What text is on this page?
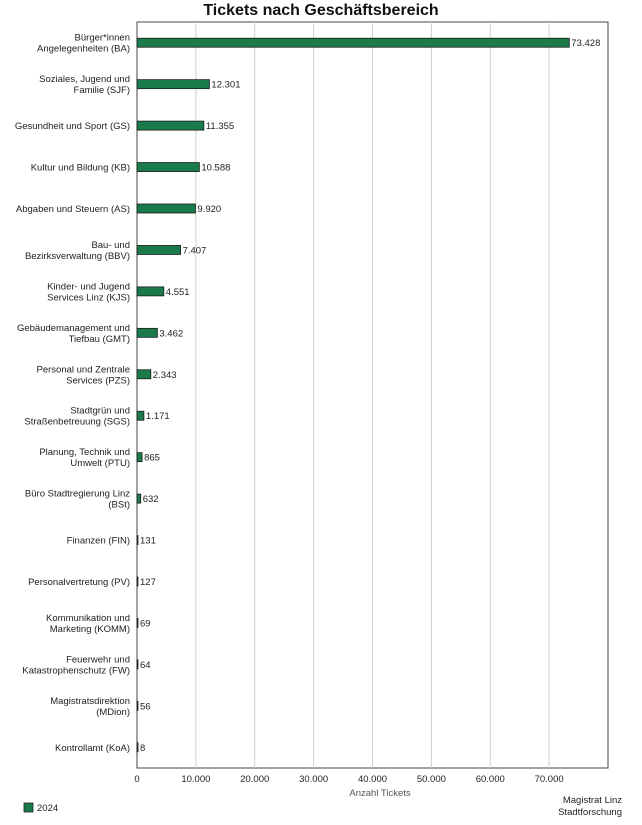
Tickets nach Geschäftsbereich
73.428
12.301
11.355
10.588
9.920
7.407
4.551
3.462
2.343
1.171
865
632
131
127
69
64
56
8
Bürger*innen Angelegenheiten (BA)
Soziales, Jugend und Familie (SJF)
Gesundheit und Sport (GS)
Kultur und Bildung (KB)
Abgaben und Steuern (AS)
Bau- und Bezirksverwaltung (BBV)
Kinder- und Jugend Services Linz (KJS)
Gebäudemanagement und Tiefbau (GMT)
Personal und Zentrale Services (PZS)
Stadtgrün und Straßenbetreuung (SGS)
Planung, Technik und Umwelt (PTU)
Büro Stadtregierung Linz (BSt)
Finanzen (FIN)
Personalvertretung (PV)
Kommunikation und Marketing (KOMM)
Feuerwehr und Katastrophenschutz (FW)
Magistratsdirektion (MDion)
Kontrollamt (KoA)
0	10.000	20.000	30.000	40.000	50.000	60.000	70.000
Anzahl Tickets
2024
Magistrat Linz
Stadtforschung
